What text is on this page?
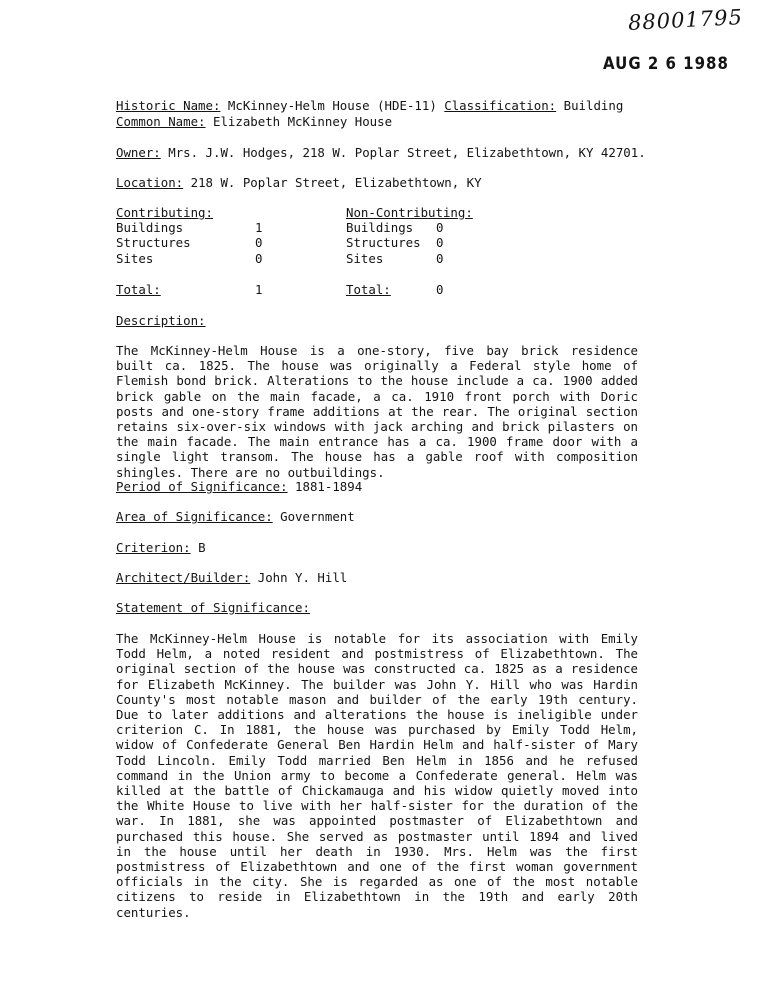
88001795
AUG 2 6 1988
Historic Name: McKinney-Helm House (HDE-11) Classification: Building
Common Name: Elizabeth McKinney House
Owner: Mrs. J.W. Hodges, 218 W. Poplar Street, Elizabethtown, KY 42701.
Location: 218 W. Poplar Street, Elizabethtown, KY
Contributing:	Non-Contributing:
Buildings	1	Buildings 0
Structures	0	Structures 0
Sites	0	Sites	0
Total:	1	Total:	0
Description:

The McKinney-Helm House is a one-story, five bay brick residence built ca. 1825. The house was originally a Federal style home of Flemish bond brick. Alterations to the house include a ca. 1900 added brick gable on the main facade, a ca. 1910 front porch with Doric posts and one-story frame additions at the rear. The original section retains six-over-six windows with jack arching and brick pilasters on the main facade. The main entrance has a ca. 1900 frame door with a single light transom. The house has a gable roof with composition shingles. There are no outbuildings.

Period of Significance: 1881-1894
Area of Significance: Government
Criterion: B
Architect/Builder: John Y. Hill
Statement of Significance:

The McKinney-Helm House is notable for its association with Emily Todd Helm, a noted resident and postmistress of Elizabethtown. The original section of the house was constructed ca. 1825 as a residence for Elizabeth McKinney. The builder was John Y. Hill who was Hardin County's most notable mason and builder of the early 19th century. Due to later additions and alterations the house is ineligible under criterion C. In 1881, the house was purchased by Emily Todd Helm, widow of Confederate General Ben Hardin Helm and half-sister of Mary Todd Lincoln. Emily Todd married Ben Helm in 1856 and he refused command in the Union army to become a Confederate general. Helm was killed at the battle of Chickamauga and his widow quietly moved into the White House to live with her half-sister for the duration of the war. In 1881, she was appointed postmaster of Elizabethtown and purchased this house. She served as postmaster until 1894 and lived in the house until her death in 1930. Mrs. Helm was the first postmistress of Elizabethtown and one of the first woman government officials in the city. She is regarded as one of the most notable citizens to reside in Elizabethtown in the 19th and early 20th centuries.
